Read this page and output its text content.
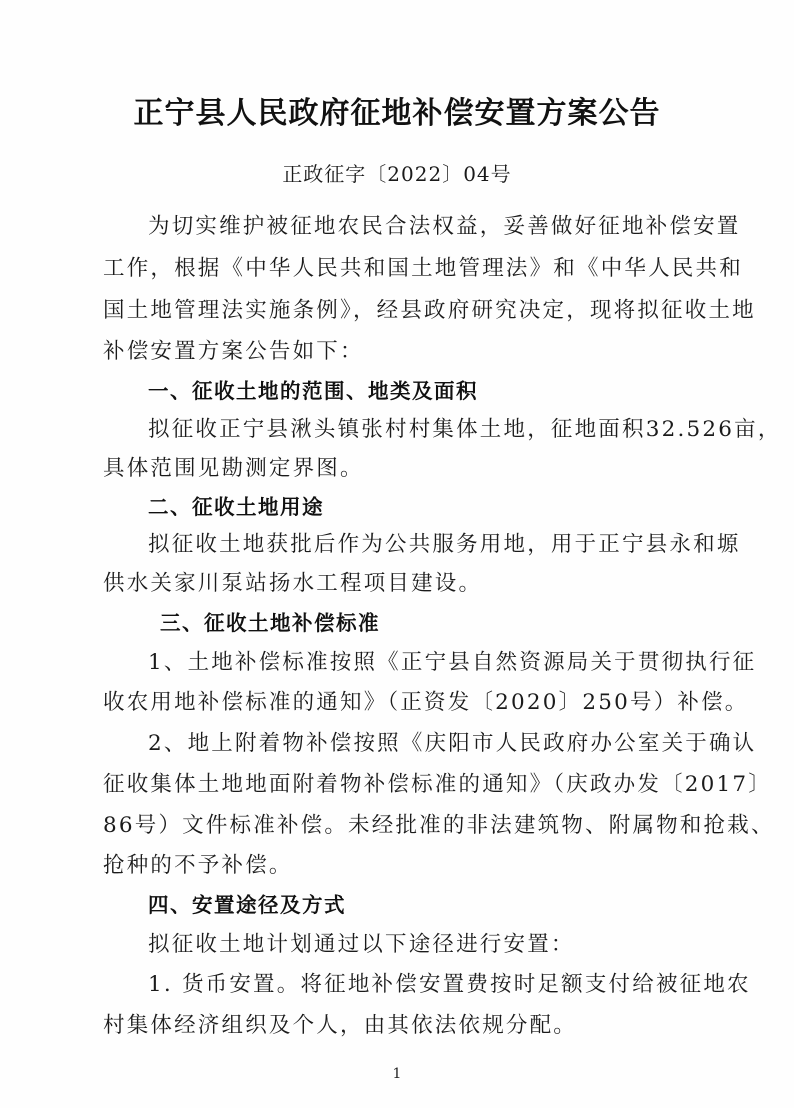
正宁县人民政府征地补偿安置方案公告
正政征字〔2022〕04号
为切实维护被征地农民合法权益，妥善做好征地补偿安置
工作，根据《中华人民共和国土地管理法》和《中华人民共和
国土地管理法实施条例》，经县政府研究决定，现将拟征收土地
补偿安置方案公告如下：
一、征收土地的范围、地类及面积
拟征收正宁县湫头镇张村村集体土地，征地面积32.526亩，
具体范围见勘测定界图。
二、征收土地用途
拟征收土地获批后作为公共服务用地，用于正宁县永和塬
供水关家川泵站扬水工程项目建设。
三、征收土地补偿标准
1、土地补偿标准按照《正宁县自然资源局关于贯彻执行征
收农用地补偿标准的通知》（正资发〔2020〕250号）补偿。
2、地上附着物补偿按照《庆阳市人民政府办公室关于确认
征收集体土地地面附着物补偿标准的通知》（庆政办发〔2017〕
86号）文件标准补偿。未经批准的非法建筑物、附属物和抢栽、
抢种的不予补偿。
四、安置途径及方式
拟征收土地计划通过以下途径进行安置：
1. 货币安置。将征地补偿安置费按时足额支付给被征地农
村集体经济组织及个人，由其依法依规分配。
1
